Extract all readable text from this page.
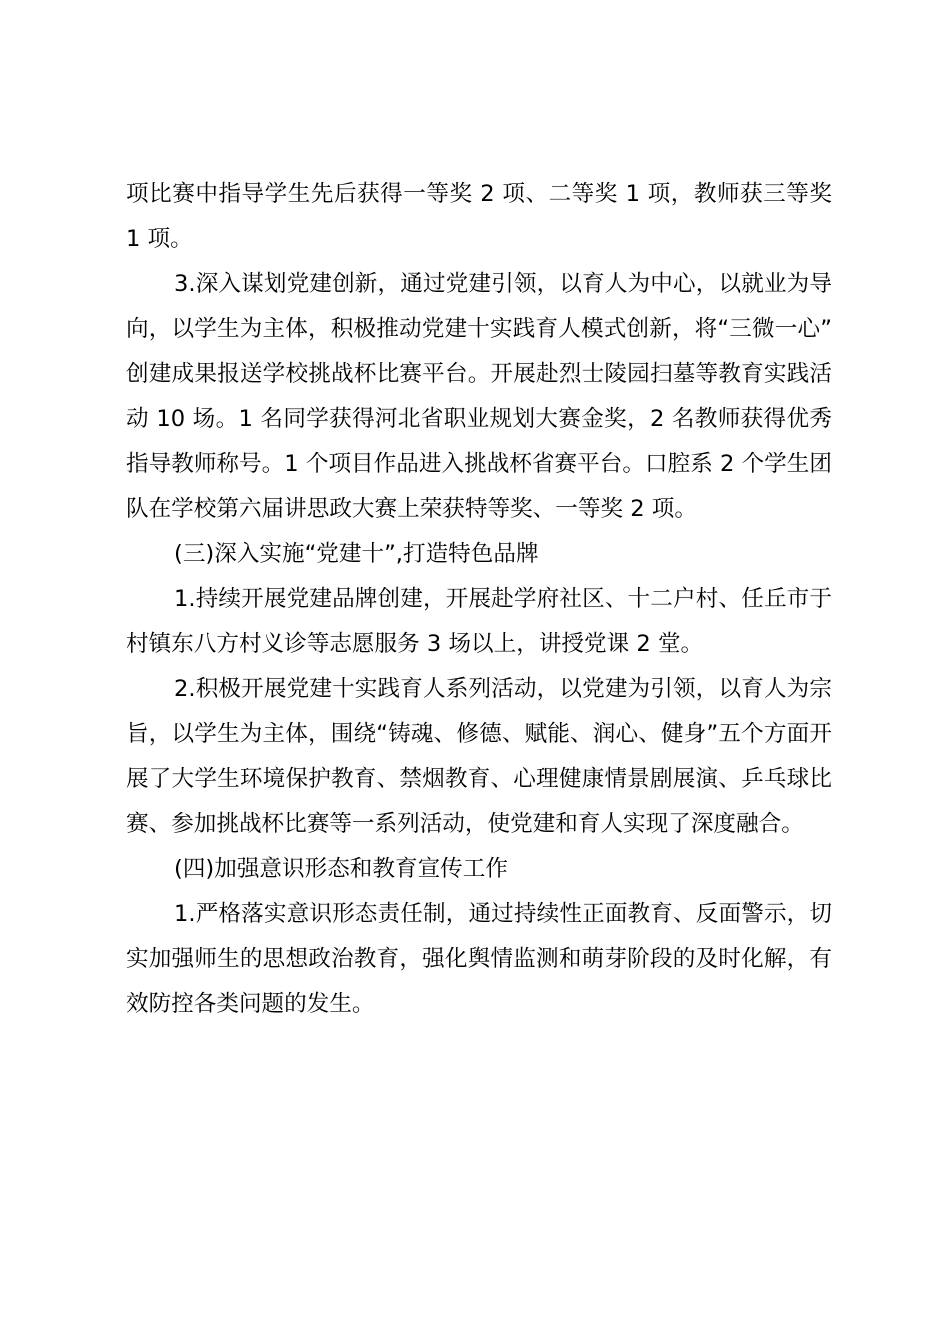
项比赛中指导学生先后获得一等奖 2 项、二等奖 1 项，教师获三等奖 1 项。

3.深入谋划党建创新，通过党建引领，以育人为中心，以就业为导向，以学生为主体，积极推动党建十实践育人模式创新，将“三微一心”创建成果报送学校挑战杯比赛平台。开展赴烈士陵园扫墓等教育实践活动 10 场。1 名同学获得河北省职业规划大赛金奖，2 名教师获得优秀指导教师称号。1 个项目作品进入挑战杯省赛平台。口腔系 2 个学生团队在学校第六届讲思政大赛上荣获特等奖、一等奖 2 项。

(三)深入实施“党建十”,打造特色品牌

1.持续开展党建品牌创建，开展赴学府社区、十二户村、任丘市于村镇东八方村义诊等志愿服务 3 场以上，讲授党课 2 堂。

2.积极开展党建十实践育人系列活动，以党建为引领，以育人为宗旨，以学生为主体，围绕“铸魂、修德、赋能、润心、健身”五个方面开展了大学生环境保护教育、禁烟教育、心理健康情景剧展演、乒乓球比赛、参加挑战杯比赛等一系列活动，使党建和育人实现了深度融合。

(四)加强意识形态和教育宣传工作

1.严格落实意识形态责任制，通过持续性正面教育、反面警示，切实加强师生的思想政治教育，强化舆情监测和萌芽阶段的及时化解，有效防控各类问题的发生。
